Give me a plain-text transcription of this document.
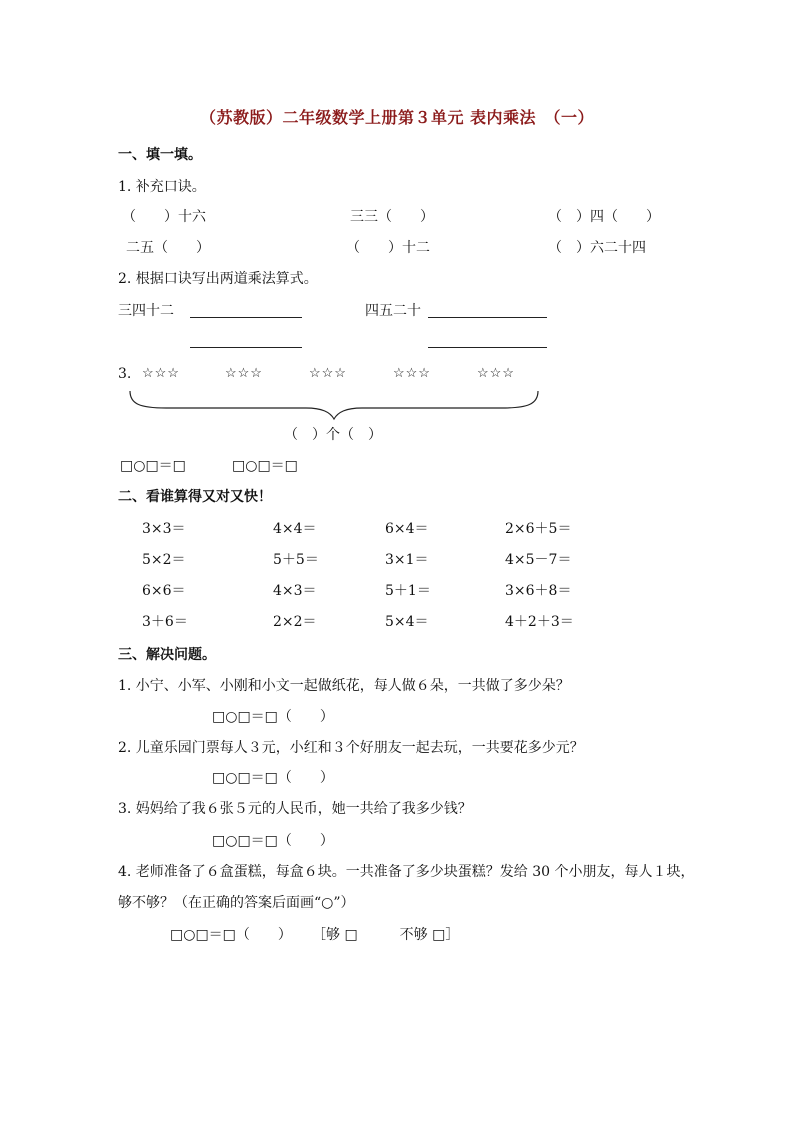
（苏教版）二年级数学上册第３单元 表内乘法　（一）
一、填一填。
1. 补充口诀。
（　　）十六	三三（　　）	（　）四（　　）
二五（　　）	（　　）十二	（　）六二十四
2. 根据口诀写出两道乘法算式。
三四十二	四五二十
3. ☆☆☆	☆☆☆	☆☆☆	☆☆☆	☆☆☆
（　）个（　）
□○□＝□	□○□＝□
二、看谁算得又对又快！
3×3＝	4×4＝	6×4＝	2×6＋5＝
5×2＝	5＋5＝	3×1＝	4×5－7＝
6×6＝	4×3＝	5＋1＝	3×6＋8＝
3＋6＝	2×2＝	5×4＝	4＋2＋3＝
三、解决问题。
1. 小宁、小军、小刚和小文一起做纸花，每人做６朵，一共做了多少朵？
□○□＝□（　　）
2. 儿童乐园门票每人３元，小红和３个好朋友一起去玩，一共要花多少元？
□○□＝□（　　）
3. 妈妈给了我６张５元的人民币，她一共给了我多少钱？
□○□＝□（　　）
4. 老师准备了６盒蛋糕，每盒６块。一共准备了多少块蛋糕？发给 30 个小朋友，每人１块，
够不够？（在正确的答案后面画“○”）
□○□＝□（　　） ［够 □　　　不够 □］
